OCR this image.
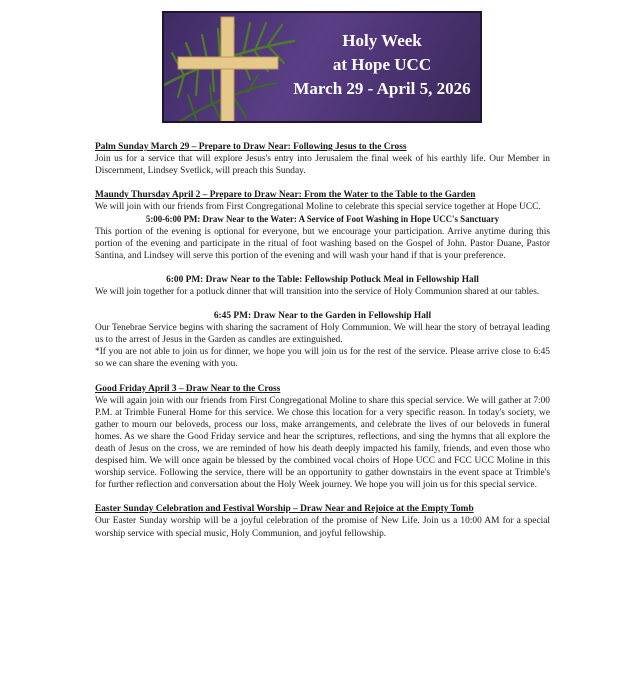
Holy Week
at Hope UCC
March 29 - April 5, 2026

Palm Sunday March 29 – Prepare to Draw Near: Following Jesus to the Cross

Join us for a service that will explore Jesus's entry into Jerusalem the final week of his earthly life. Our Member in Discernment, Lindsey Svetlick, will preach this Sunday.

Maundy Thursday April 2 – Prepare to Draw Near: From the Water to the Table to the Garden

We will join with our friends from First Congregational Moline to celebrate this special service together at Hope UCC.

5:00-6:00 PM: Draw Near to the Water: A Service of Foot Washing in Hope UCC's Sanctuary

This portion of the evening is optional for everyone, but we encourage your participation. Arrive anytime during this portion of the evening and participate in the ritual of foot washing based on the Gospel of John. Pastor Duane, Pastor Santina, and Lindsey will serve this portion of the evening and will wash your hand if that is your preference.

6:00 PM: Draw Near to the Table: Fellowship Potluck Meal in Fellowship Hall

We will join together for a potluck dinner that will transition into the service of Holy Communion shared at our tables.

6:45 PM: Draw Near to the Garden in Fellowship Hall

Our Tenebrae Service begins with sharing the sacrament of Holy Communion. We will hear the story of betrayal leading us to the arrest of Jesus in the Garden as candles are extinguished.

*If you are not able to join us for dinner, we hope you will join us for the rest of the service. Please arrive close to 6:45 so we can share the evening with you.

Good Friday April 3 – Draw Near to the Cross

We will again join with our friends from First Congregational Moline to share this special service. We will gather at 7:00 P.M. at Trimble Funeral Home for this service. We chose this location for a very specific reason. In today's society, we gather to mourn our beloveds, process our loss, make arrangements, and celebrate the lives of our beloveds in funeral homes. As we share the Good Friday service and hear the scriptures, reflections, and sing the hymns that all explore the death of Jesus on the cross, we are reminded of how his death deeply impacted his family, friends, and even those who despised him. We will once again be blessed by the combined vocal choirs of Hope UCC and FCC UCC Moline in this worship service. Following the service, there will be an opportunity to gather downstairs in the event space at Trimble's for further reflection and conversation about the Holy Week journey. We hope you will join us for this special service.

Easter Sunday Celebration and Festival Worship – Draw Near and Rejoice at the Empty Tomb

Our Easter Sunday worship will be a joyful celebration of the promise of New Life. Join us a 10:00 AM for a special worship service with special music, Holy Communion, and joyful fellowship.
